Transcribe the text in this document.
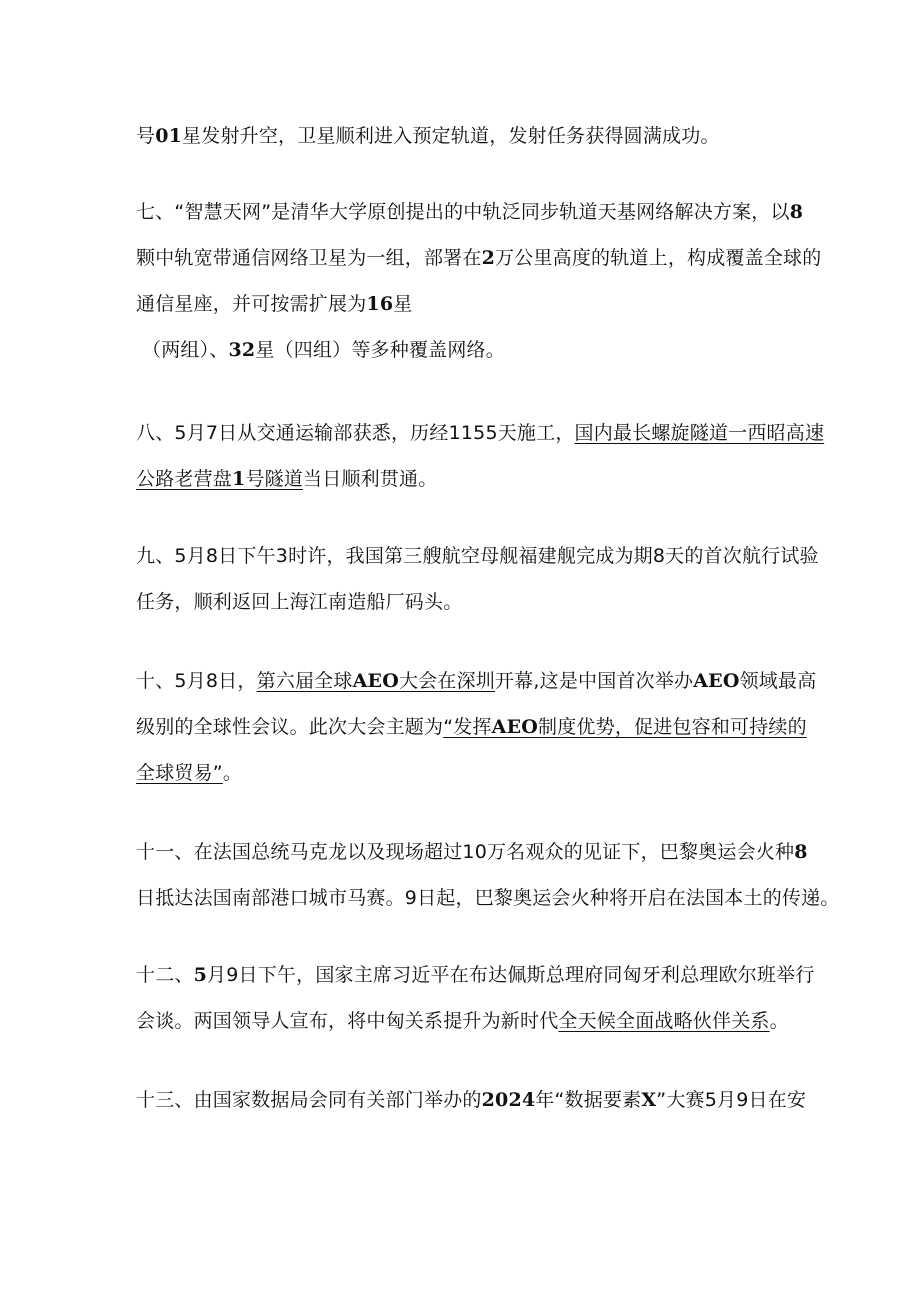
号01星发射升空，卫星顺利进入预定轨道，发射任务获得圆满成功。
七、“智慧天网”是清华大学原创提出的中轨泛同步轨道天基网络解决方案，以8
颗中轨宽带通信网络卫星为一组，部署在2万公里高度的轨道上，构成覆盖全球的
通信星座，并可按需扩展为16星
（两组）、32星（四组）等多种覆盖网络。
八、5月7日从交通运输部获悉，历经1155天施工，国内最长螺旋隧道一西昭高速
公路老营盘1号隧道当日顺利贯通。
九、5月8日下午3时许，我国第三艘航空母舰福建舰完成为期8天的首次航行试验
任务，顺利返回上海江南造船厂码头。
十、5月8日，第六届全球AEO大会在深圳开幕,这是中国首次举办AEO领域最高
级别的全球性会议。此次大会主题为“发挥AEO制度优势，促进包容和可持续的
全球贸易”。
十一、在法国总统马克龙以及现场超过10万名观众的见证下，巴黎奥运会火种8
日抵达法国南部港口城市马赛。9日起，巴黎奥运会火种将开启在法国本土的传递。
十二、5月9日下午，国家主席习近平在布达佩斯总理府同匈牙利总理欧尔班举行
会谈。两国领导人宣布，将中匈关系提升为新时代全天候全面战略伙伴关系。
十三、由国家数据局会同有关部门举办的2024年“数据要素X”大赛5月9日在安
